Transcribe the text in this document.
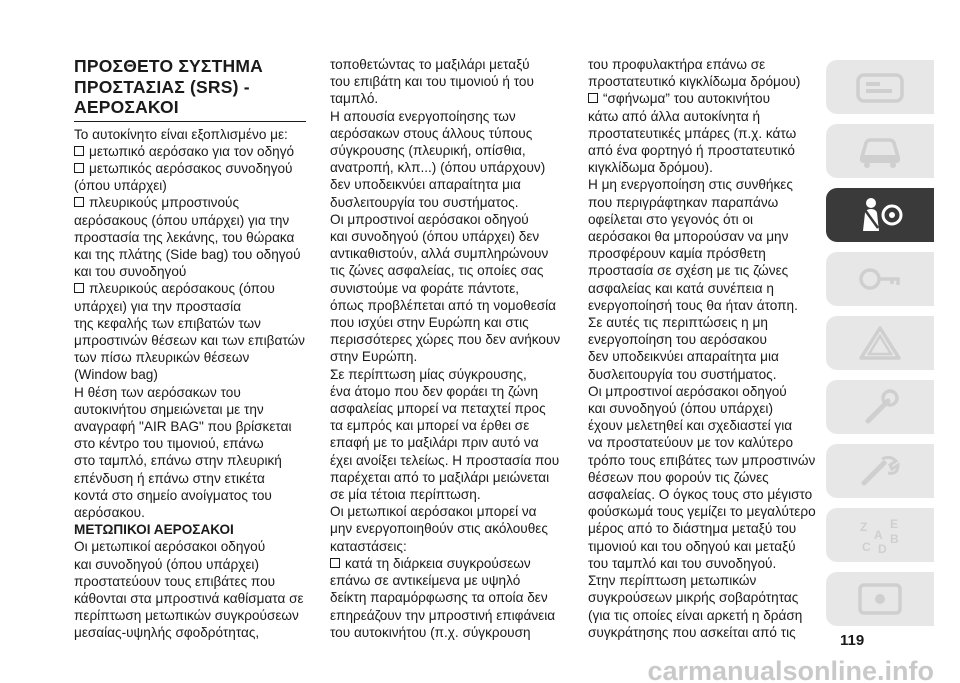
ΠΡΟΣΘΕΤΟ ΣΥΣΤΗΜΑ
ΠΡΟΣΤΑΣΙΑΣ (SRS) -
ΑΕΡΟΣΑΚΟΙ
Το αυτοκίνητο είναι εξοπλισμένο με:
μετωπικό αερόσακο για τον οδηγό
μετωπικός αερόσακος συνοδηγού
(όπου υπάρχει)
πλευρικούς μπροστινούς
αερόσακους (όπου υπάρχει) για την
προστασία της λεκάνης, του θώρακα
και της πλάτης (Side bag) του οδηγού
και του συνοδηγού
πλευρικούς αερόσακους (όπου
υπάρχει) για την προστασία
της κεφαλής των επιβατών των
μπροστινών θέσεων και των επιβατών
των πίσω πλευρικών θέσεων
(Window bag)
Η θέση των αερόσακων του
αυτοκινήτου σημειώνεται με την
αναγραφή "AIR BAG" που βρίσκεται
στο κέντρο του τιμονιού, επάνω
στο ταμπλό, επάνω στην πλευρική
επένδυση ή επάνω στην ετικέτα
κοντά στο σημείο ανοίγματος του
αερόσακου.
ΜΕΤΩΠΙΚΟΙ ΑΕΡΟΣΑΚΟΙ
Οι μετωπικοί αερόσακοι οδηγού
και συνοδηγού (όπου υπάρχει)
προστατεύουν τους επιβάτες που
κάθονται στα μπροστινά καθίσματα σε
περίπτωση μετωπικών συγκρούσεων
μεσαίας-υψηλής σφοδρότητας,
τοποθετώντας το μαξιλάρι μεταξύ
του επιβάτη και του τιμονιού ή του
ταμπλό.
Η απουσία ενεργοποίησης των
αερόσακων στους άλλους τύπους
σύγκρουσης (πλευρική, οπίσθια,
ανατροπή, κλπ...) (όπου υπάρχουν)
δεν υποδεικνύει απαραίτητα μια
δυσλειτουργία του συστήματος.
Οι μπροστινοί αερόσακοι οδηγού
και συνοδηγού (όπου υπάρχει) δεν
αντικαθιστούν, αλλά συμπληρώνουν
τις ζώνες ασφαλείας, τις οποίες σας
συνιστούμε να φοράτε πάντοτε,
όπως προβλέπεται από τη νομοθεσία
που ισχύει στην Ευρώπη και στις
περισσότερες χώρες που δεν ανήκουν
στην Ευρώπη.
Σε περίπτωση μίας σύγκρουσης,
ένα άτομο που δεν φοράει τη ζώνη
ασφαλείας μπορεί να πεταχτεί προς
τα εμπρός και μπορεί να έρθει σε
επαφή με το μαξιλάρι πριν αυτό να
έχει ανοίξει τελείως. Η προστασία που
παρέχεται από το μαξιλάρι μειώνεται
σε μία τέτοια περίπτωση.
Οι μετωπικοί αερόσακοι μπορεί να
μην ενεργοποιηθούν στις ακόλουθες
καταστάσεις:
κατά τη διάρκεια συγκρούσεων
επάνω σε αντικείμενα με υψηλό
δείκτη παραμόρφωσης τα οποία δεν
επηρεάζουν την μπροστινή επιφάνεια
του αυτοκινήτου (π.χ. σύγκρουση
του προφυλακτήρα επάνω σε
προστατευτικό κιγκλίδωμα δρόμου)
“σφήνωμα” του αυτοκινήτου
κάτω από άλλα αυτοκίνητα ή
προστατευτικές μπάρες (π.χ. κάτω
από ένα φορτηγό ή προστατευτικό
κιγκλίδωμα δρόμου).
Η μη ενεργοποίηση στις συνθήκες
που περιγράφτηκαν παραπάνω
οφείλεται στο γεγονός ότι οι
αερόσακοι θα μπορούσαν να μην
προσφέρουν καμία πρόσθετη
προστασία σε σχέση με τις ζώνες
ασφαλείας και κατά συνέπεια η
ενεργοποίησή τους θα ήταν άτοπη.
Σε αυτές τις περιπτώσεις η μη
ενεργοποίηση του αερόσακου
δεν υποδεικνύει απαραίτητα μια
δυσλειτουργία του συστήματος.
Οι μπροστινοί αερόσακοι οδηγού
και συνοδηγού (όπου υπάρχει)
έχουν μελετηθεί και σχεδιαστεί για
να προστατεύουν με τον καλύτερο
τρόπο τους επιβάτες των μπροστινών
θέσεων που φορούν τις ζώνες
ασφαλείας. Ο όγκος τους στο μέγιστο
φούσκωμά τους γεμίζει το μεγαλύτερο
μέρος από το διάστημα μεταξύ του
τιμονιού και του οδηγού και μεταξύ
του ταμπλό και του συνοδηγού.
Στην περίπτωση μετωπικών
συγκρούσεων μικρής σοβαρότητας
(για τις οποίες είναι αρκετή η δράση
συγκράτησης που ασκείται από τις
Z E
A B
C D
119
carmanualsonline.info
